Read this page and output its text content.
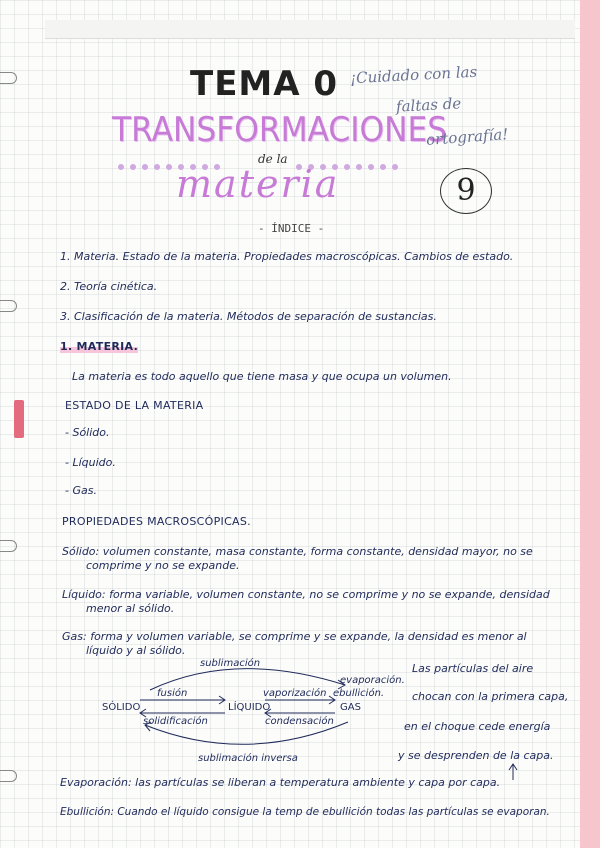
TEMA 0
TRANSFORMACIONES
de la
materia
¡Cuidado con las
faltas de
ortografía!
9
- ÍNDICE -
1. Materia. Estado de la materia. Propiedades macroscópicas. Cambios de estado.
2. Teoría cinética.
3. Clasificación de la materia. Métodos de separación de sustancias.
1. MATERIA.
La materia es todo aquello que tiene masa y que ocupa un volumen.
ESTADO DE LA MATERIA
- Sólido.
- Líquido.
- Gas.
PROPIEDADES MACROSCÓPICAS.
Sólido: volumen constante, masa constante, forma constante, densidad mayor, no se
comprime y no se expande.
Líquido: forma variable, volumen constante, no se comprime y no se expande, densidad
menor al sólido.
Gas: forma y volumen variable, se comprime y se expande, la densidad es menor al
líquido y al sólido.
SÓLIDO	LÍQUIDO	GAS
fusión
solidificación
vaporización
condensación
sublimación
sublimación inversa
evaporación.
ebullición.
Las partículas del aire
chocan con la primera capa,
en el choque cede energía
y se desprenden de la capa.
Evaporación: las partículas se liberan a temperatura ambiente y capa por capa.
Ebullición: Cuando el líquido consigue la temp de ebullición todas las partículas se evaporan.
